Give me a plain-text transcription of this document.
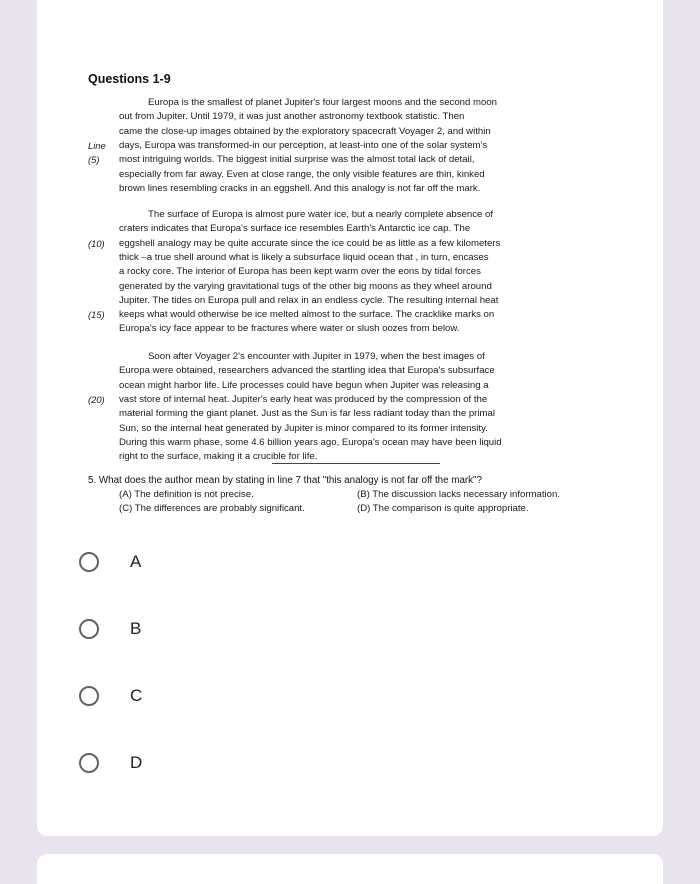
Questions 1-9
Europa is the smallest of planet Jupiter's four largest moons and the second moon
out from Jupiter. Until 1979, it was just another astronomy textbook statistic. Then
came the close-up images obtained by the exploratory spacecraft Voyager 2, and within
Line days, Europa was transformed-in our perception, at least-into one of the solar system's
(5) most intriguing worlds. The biggest initial surprise was the almost total lack of detail,
especially from far away. Even at close range, the only visible features are thin, kinked
brown lines resembling cracks in an eggshell. And this analogy is not far off the mark.
The surface of Europa is almost pure water ice, but a nearly complete absence of
craters indicates that Europa's surface ice resembles Earth's Antarctic ice cap. The
(10) eggshell analogy may be quite accurate since the ice could be as little as a few kilometers
thick –a true shell around what is likely a subsurface liquid ocean that , in turn, encases
a rocky core. The interior of Europa has been kept warm over the eons by tidal forces
generated by the varying gravitational tugs of the other big moons as they wheel around
Jupiter. The tides on Europa pull and relax in an endless cycle. The resulting internal heat
(15) keeps what would otherwise be ice melted almost to the surface. The cracklike marks on
Europa's icy face appear to be fractures where water or slush oozes from below.
Soon after Voyager 2's encounter with Jupiter in 1979, when the best images of
Europa were obtained, researchers advanced the startling idea that Europa's subsurface
ocean might harbor life. Life processes could have begun when Jupiter was releasing a
(20) vast store of internal heat. Jupiter's early heat was produced by the compression of the
material forming the giant planet. Just as the Sun is far less radiant today than the primal
Sun, so the internal heat generated by Jupiter is minor compared to its former intensity.
During this warm phase, some 4.6 billion years ago, Europa's ocean may have been liquid
right to the surface, making it a crucible for life.
5. What does the author mean by stating in line 7 that "this analogy is not far off the mark"?
(A) The definition is not precise.	(B) The discussion lacks necessary information.
(C) The differences are probably significant.	(D) The comparison is quite appropriate.
A
B
C
D
